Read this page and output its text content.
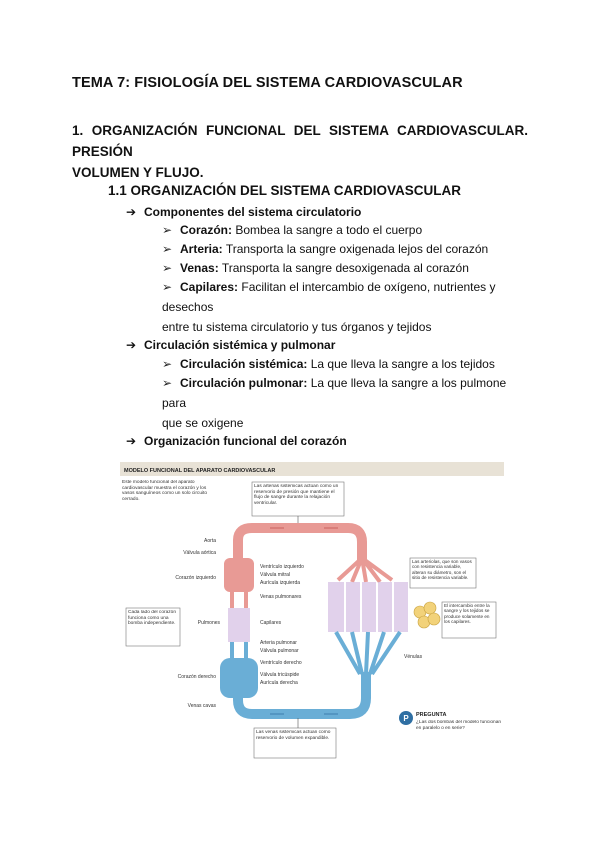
TEMA 7: FISIOLOGÍA DEL SISTEMA CARDIOVASCULAR
1. ORGANIZACIÓN FUNCIONAL DEL SISTEMA CARDIOVASCULAR. PRESIÓN
VOLUMEN Y FLUJO.
1.1 ORGANIZACIÓN DEL SISTEMA CARDIOVASCULAR
➔ Componentes del sistema circulatorio
➢ Corazón: Bombea la sangre a todo el cuerpo
➢ Arteria: Transporta la sangre oxigenada lejos del corazón
➢ Venas: Transporta la sangre desoxigenada al corazón
➢ Capilares: Facilitan el intercambio de oxígeno, nutrientes y desechos
entre tu sistema circulatorio y tus órganos y tejidos
➔ Circulación sistémica y pulmonar
➢ Circulación sistémica: La que lleva la sangre a los tejidos
➢ Circulación pulmonar: La que lleva la sangre a los pulmone para
que se oxigene
➔ Organización funcional del corazón
MODELO FUNCIONAL DEL APARATO CARDIOVASCULAR
Este modelo funcional del aparato cardiovascular muestra el corazón y los vasos sanguíneos como un solo circuito cerrado.
Las arterias sistémicas actúan como un reservorio de presión que mantiene el flujo de sangre durante la relajación ventricular.
Aorta
Válvula aórtica
Corazón izquierdo
Pulmones
Corazón derecho
Venas cavas
Cada lado del corazón funciona como una bomba independiente.
Ventrículo izquierdo
Válvula mitral
Aurícula izquierda
Venas pulmonares
Capilares
Arteria pulmonar
Válvula pulmonar
Ventrículo derecho
Válvula tricúspide
Aurícula derecha
Las arteriolas, que son vasos con resistencia variable, alteran su diámetro, son el sitio de resistencia variable.
El intercambio entre la sangre y los tejidos se produce solamente en los capilares.
Vénulas
Las venas sistémicas actúan como reservorio de volumen expandible.
P PREGUNTA
¿Las dos bombas del modelo funcionan en paralelo o en serie?
